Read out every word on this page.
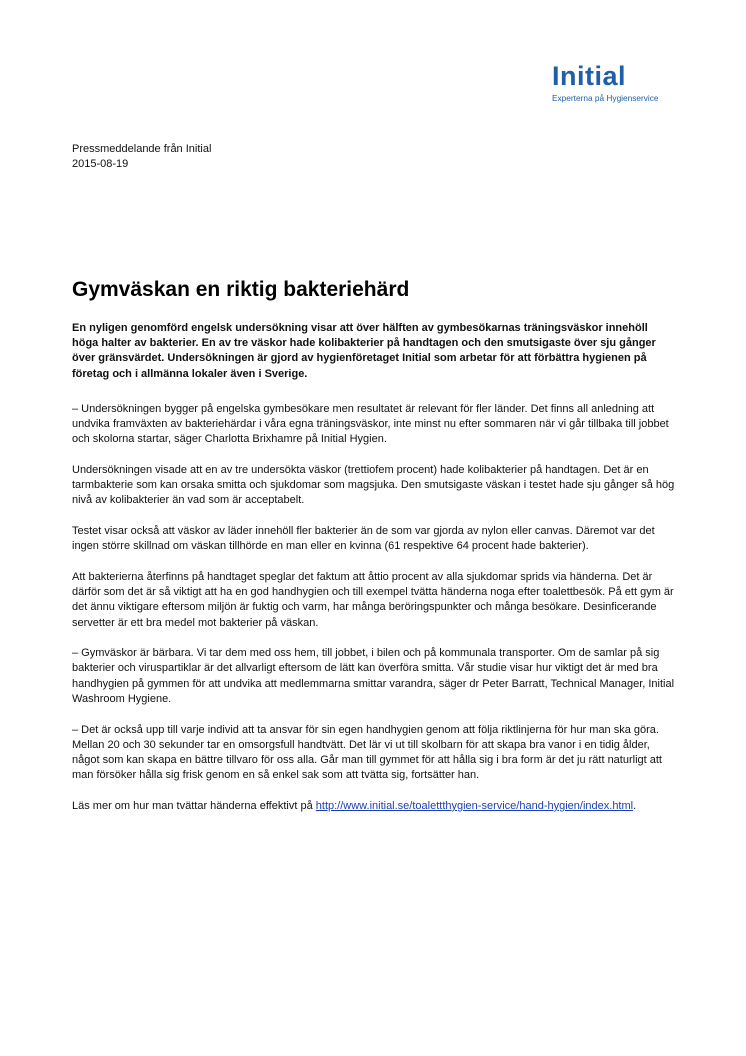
Initial
Experterna på Hygienservice
Pressmeddelande från Initial
2015-08-19
Gymväskan en riktig bakteriehärd

En nyligen genomförd engelsk undersökning visar att över hälften av gymbesökarnas träningsväskor innehöll höga halter av bakterier. En av tre väskor hade kolibakterier på handtagen och den smutsigaste över sju gånger över gränsvärdet. Undersökningen är gjord av hygienföretaget Initial som arbetar för att förbättra hygienen på företag och i allmänna lokaler även i Sverige.

– Undersökningen bygger på engelska gymbesökare men resultatet är relevant för fler länder. Det finns all anledning att undvika framväxten av bakteriehärdar i våra egna träningsväskor, inte minst nu efter sommaren när vi går tillbaka till jobbet och skolorna startar, säger Charlotta Brixhamre på Initial Hygien.

Undersökningen visade att en av tre undersökta väskor (trettiofem procent) hade kolibakterier på handtagen. Det är en tarmbakterie som kan orsaka smitta och sjukdomar som magsjuka. Den smutsigaste väskan i testet hade sju gånger så hög nivå av kolibakterier än vad som är acceptabelt.

Testet visar också att väskor av läder innehöll fler bakterier än de som var gjorda av nylon eller canvas. Däremot var det ingen större skillnad om väskan tillhörde en man eller en kvinna (61 respektive 64 procent hade bakterier).

Att bakterierna återfinns på handtaget speglar det faktum att åttio procent av alla sjukdomar sprids via händerna. Det är därför som det är så viktigt att ha en god handhygien och till exempel tvätta händerna noga efter toalettbesök. På ett gym är det ännu viktigare eftersom miljön är fuktig och varm, har många beröringspunkter och många besökare. Desinficerande servetter är ett bra medel mot bakterier på väskan.

– Gymväskor är bärbara. Vi tar dem med oss hem, till jobbet, i bilen och på kommunala transporter. Om de samlar på sig bakterier och viruspartiklar är det allvarligt eftersom de lätt kan överföra smitta. Vår studie visar hur viktigt det är med bra handhygien på gymmen för att undvika att medlemmarna smittar varandra, säger dr Peter Barratt, Technical Manager, Initial Washroom Hygiene.

– Det är också upp till varje individ att ta ansvar för sin egen handhygien genom att följa riktlinjerna för hur man ska göra. Mellan 20 och 30 sekunder tar en omsorgsfull handtvätt. Det lär vi ut till skolbarn för att skapa bra vanor i en tidig ålder, något som kan skapa en bättre tillvaro för oss alla. Går man till gymmet för att hålla sig i bra form är det ju rätt naturligt att man försöker hålla sig frisk genom en så enkel sak som att tvätta sig, fortsätter han.

Läs mer om hur man tvättar händerna effektivt på http://www.initial.se/toalettthygien-service/hand-hygien/index.html.
